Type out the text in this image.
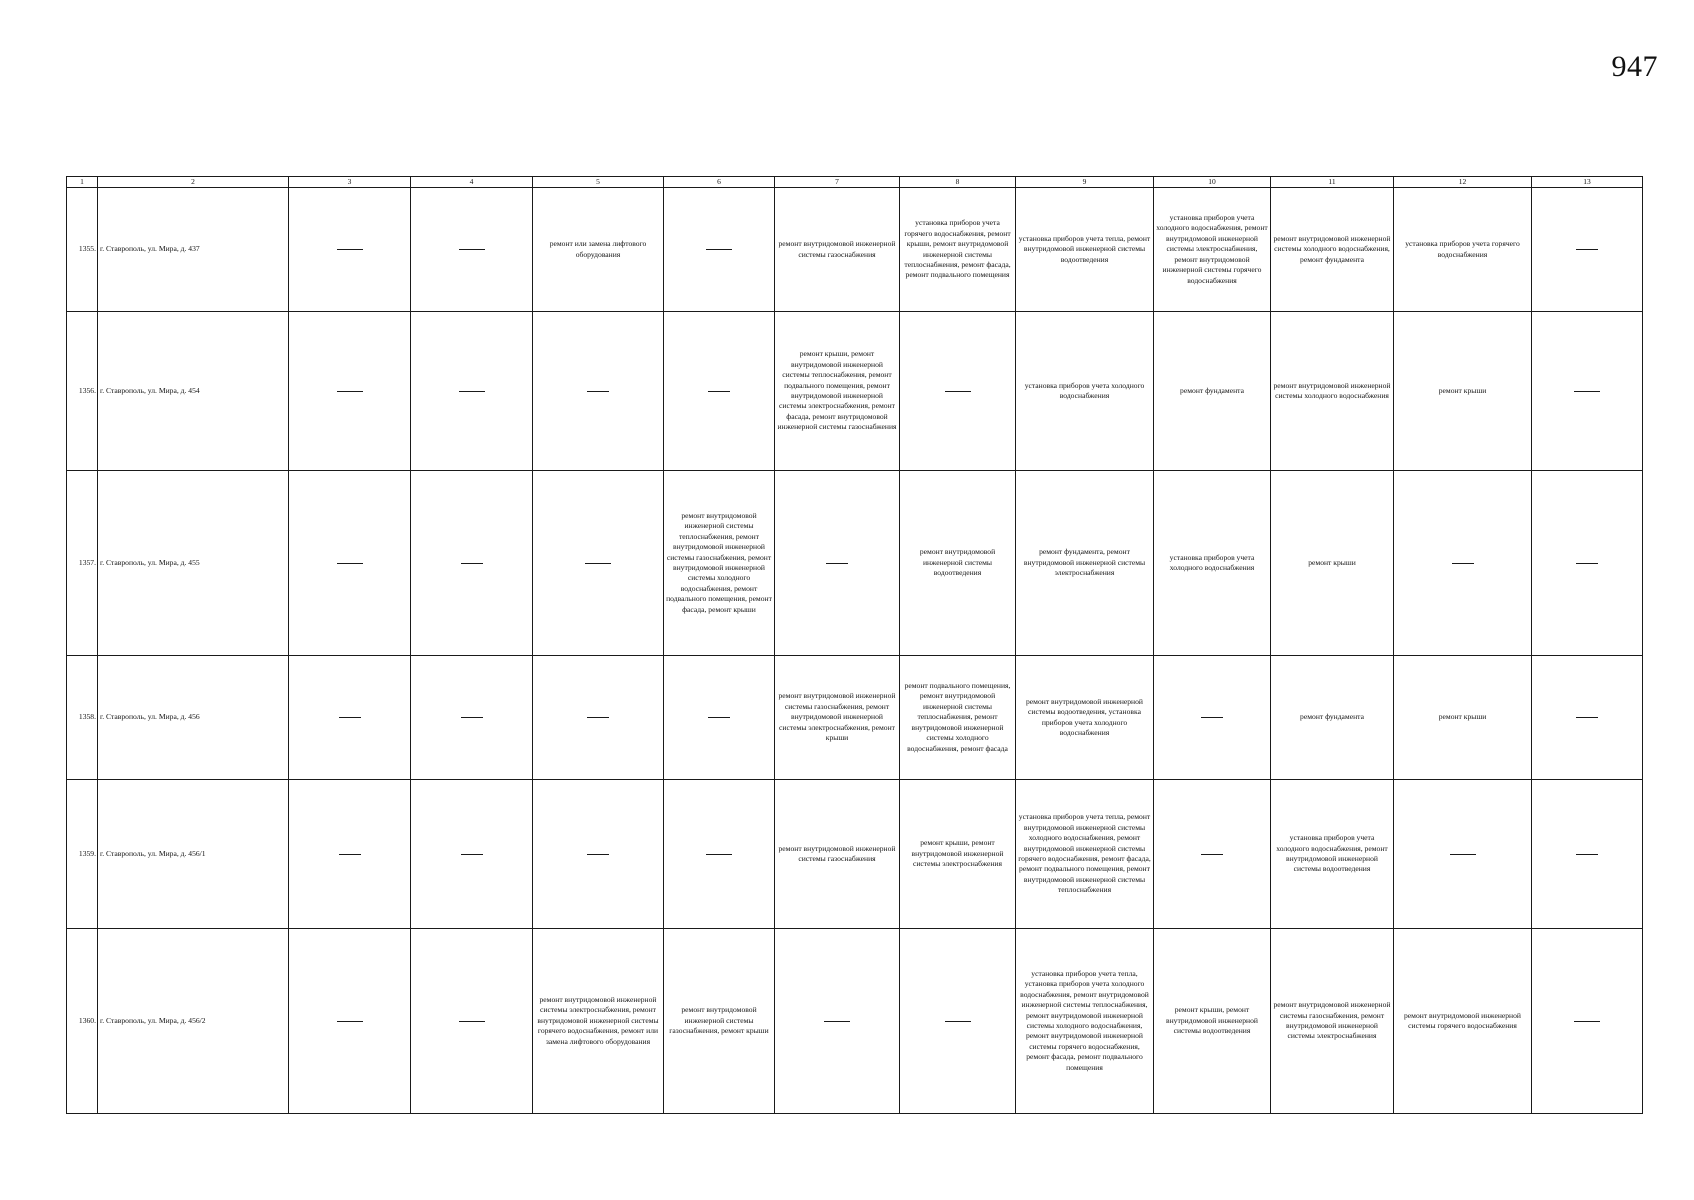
947
1	2	3	4	5	6	7	8	9	10	11	12	13
1355.	г. Ставрополь, ул. Мира, д. 437			ремонт или замена лифтового оборудования		ремонт внутридомовой инженерной системы газоснабжения	установка приборов учета горячего водоснабжения, ремонт крыши, ремонт внутридомовой инженерной системы теплоснабжения, ремонт фасада, ремонт подвального помещения	установка приборов учета тепла, ремонт внутридомовой инженерной системы водоотведения	установка приборов учета холодного водоснабжения, ремонт внутридомовой инженерной системы электроснабжения, ремонт внутридомовой инженерной системы горячего водоснабжения	ремонт внутридомовой инженерной системы холодного водоснабжения, ремонт фундамента	установка приборов учета горячего водоснабжения	
1356.	г. Ставрополь, ул. Мира, д. 454					ремонт крыши, ремонт внутридомовой инженерной системы теплоснабжения, ремонт подвального помещения, ремонт внутридомовой инженерной системы электроснабжения, ремонт фасада, ремонт внутридомовой инженерной системы газоснабжения		установка приборов учета холодного водоснабжения	ремонт фундамента	ремонт внутридомовой инженерной системы холодного водоснабжения	ремонт крыши	
1357.	г. Ставрополь, ул. Мира, д. 455				ремонт внутридомовой инженерной системы теплоснабжения, ремонт внутридомовой инженерной системы газоснабжения, ремонт внутридомовой инженерной системы холодного водоснабжения, ремонт подвального помещения, ремонт фасада, ремонт крыши		ремонт внутридомовой инженерной системы водоотведения	ремонт фундамента, ремонт внутридомовой инженерной системы электроснабжения	установка приборов учета холодного водоснабжения	ремонт крыши		
1358.	г. Ставрополь, ул. Мира, д. 456					ремонт внутридомовой инженерной системы газоснабжения, ремонт внутридомовой инженерной системы электроснабжения, ремонт крыши	ремонт подвального помещения, ремонт внутридомовой инженерной системы теплоснабжения, ремонт внутридомовой инженерной системы холодного водоснабжения, ремонт фасада	ремонт внутридомовой инженерной системы водоотведения, установка приборов учета холодного водоснабжения		ремонт фундамента	ремонт крыши	
1359.	г. Ставрополь, ул. Мира, д. 456/1					ремонт внутридомовой инженерной системы газоснабжения	ремонт крыши, ремонт внутридомовой инженерной системы электроснабжения	установка приборов учета тепла, ремонт внутридомовой инженерной системы холодного водоснабжения, ремонт внутридомовой инженерной системы горячего водоснабжения, ремонт фасада, ремонт подвального помещения, ремонт внутридомовой инженерной системы теплоснабжения		установка приборов учета холодного водоснабжения, ремонт внутридомовой инженерной системы водоотведения		
1360.	г. Ставрополь, ул. Мира, д. 456/2			ремонт внутридомовой инженерной системы электроснабжения, ремонт внутридомовой инженерной системы горячего водоснабжения, ремонт или замена лифтового оборудования	ремонт внутридомовой инженерной системы газоснабжения, ремонт крыши			установка приборов учета тепла, установка приборов учета холодного водоснабжения, ремонт внутридомовой инженерной системы теплоснабжения, ремонт внутридомовой инженерной системы холодного водоснабжения, ремонт внутридомовой инженерной системы горячего водоснабжения, ремонт фасада, ремонт подвального помещения	ремонт крыши, ремонт внутридомовой инженерной системы водоотведения	ремонт внутридомовой инженерной системы газоснабжения, ремонт внутридомовой инженерной системы электроснабжения	ремонт внутридомовой инженерной системы горячего водоснабжения	
